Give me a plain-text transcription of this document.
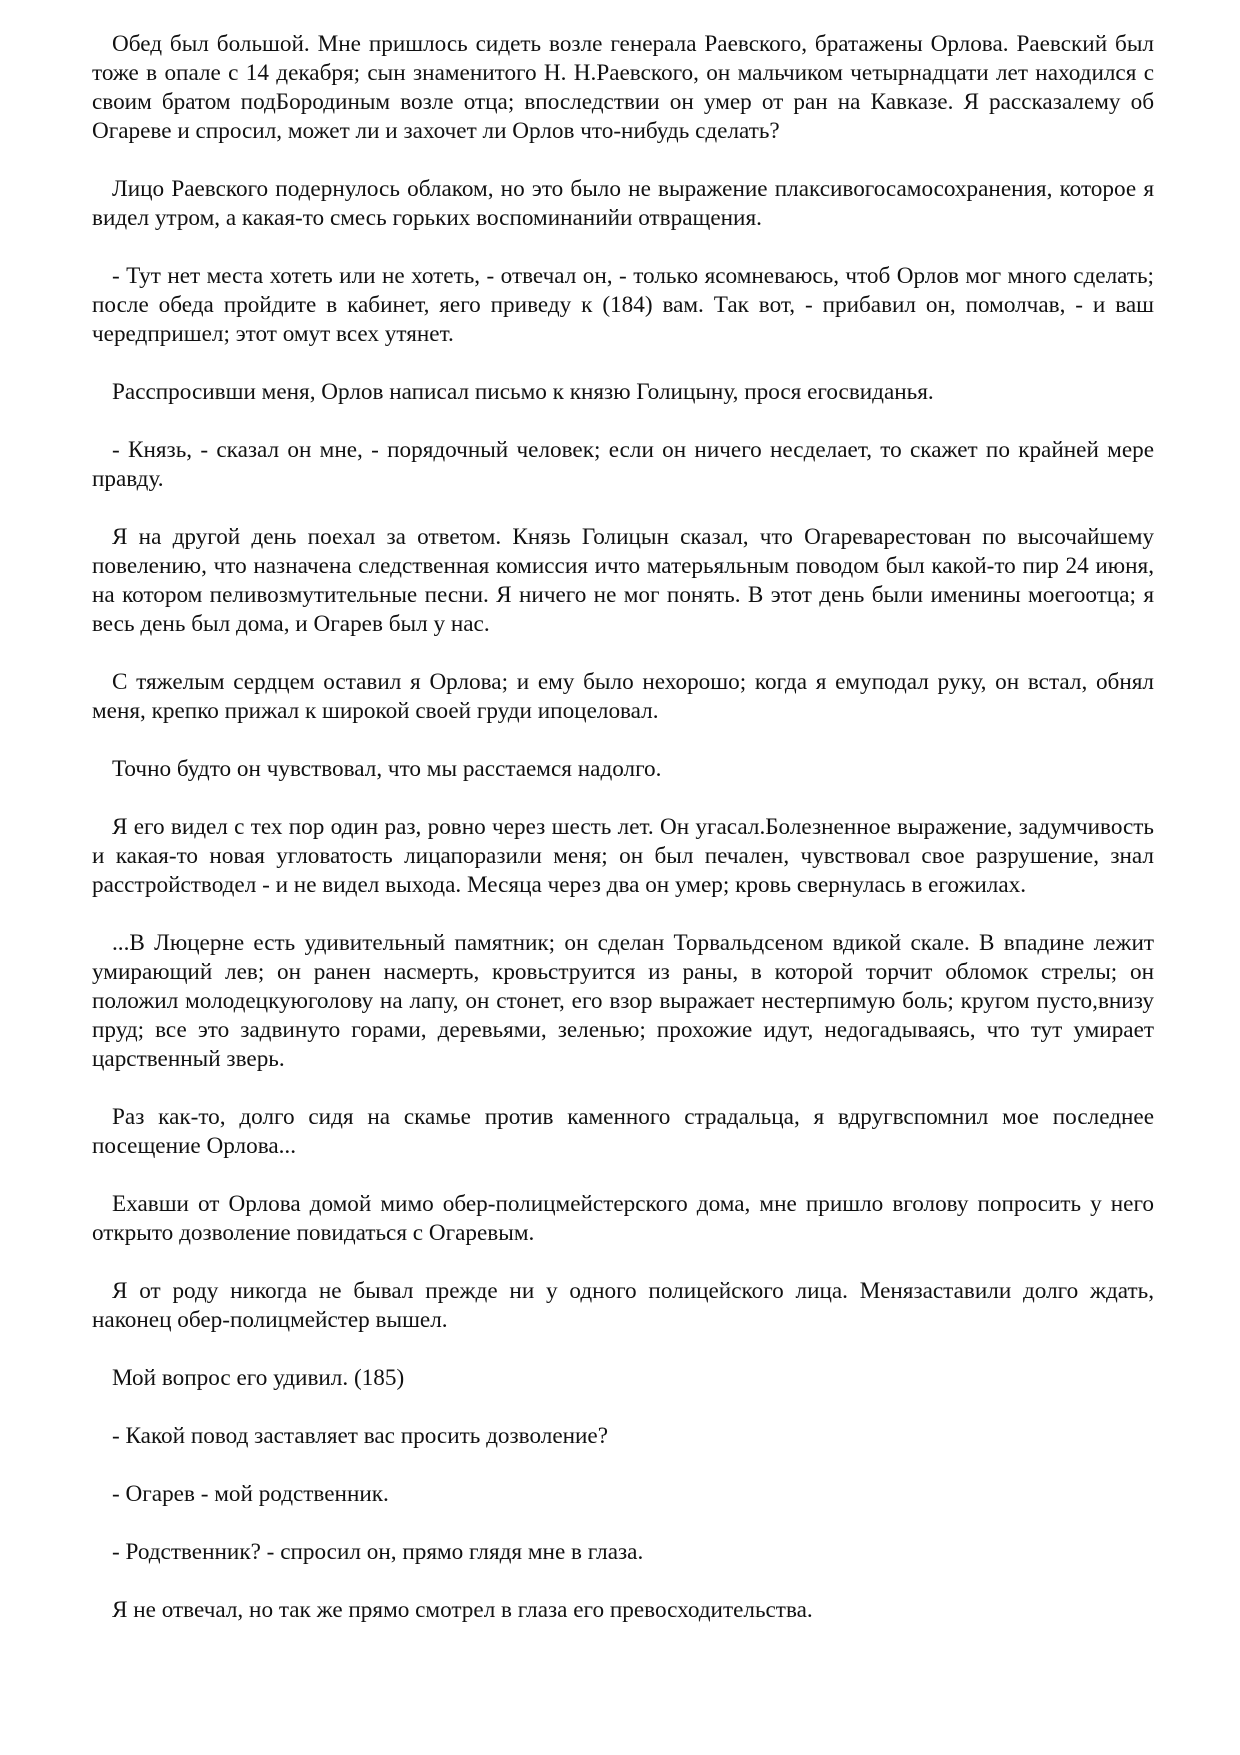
Обед был большой. Мне пришлось сидеть возле генерала Раевского, братажены Орлова. Раевский был тоже в опале с 14 декабря; сын знаменитого Н. Н.Раевского, он мальчиком четырнадцати лет находился с своим братом подБородиным возле отца; впоследствии он умер от ран на Кавказе. Я рассказалему об Огареве и спросил, может ли и захочет ли Орлов что-нибудь сделать?

Лицо Раевского подернулось облаком, но это было не выражение плаксивогосамосохранения, которое я видел утром, а какая-то смесь горьких воспоминанийи отвращения.

- Тут нет места хотеть или не хотеть, - отвечал он, - только ясомневаюсь, чтоб Орлов мог много сделать; после обеда пройдите в кабинет, яего приведу к (184) вам. Так вот, - прибавил он, помолчав, - и ваш чередпришел; этот омут всех утянет.

Расспросивши меня, Орлов написал письмо к князю Голицыну, прося егосвиданья.

- Князь, - сказал он мне, - порядочный человек; если он ничего несделает, то скажет по крайней мере правду.

Я на другой день поехал за ответом. Князь Голицын сказал, что Огареварестован по высочайшему повелению, что назначена следственная комиссия ичто матерьяльным поводом был какой-то пир 24 июня, на котором пеливозмутительные песни. Я ничего не мог понять. В этот день были именины моегоотца; я весь день был дома, и Огарев был у нас.

С тяжелым сердцем оставил я Орлова; и ему было нехорошо; когда я емуподал руку, он встал, обнял меня, крепко прижал к широкой своей груди ипоцеловал.

Точно будто он чувствовал, что мы расстаемся надолго.

Я его видел с тех пор один раз, ровно через шесть лет. Он угасал.Болезненное выражение, задумчивость и какая-то новая угловатость лицапоразили меня; он был печален, чувствовал свое разрушение, знал расстройстводел - и не видел выхода. Месяца через два он умер; кровь свернулась в егожилах.

...В Люцерне есть удивительный памятник; он сделан Торвальдсеном вдикой скале. В впадине лежит умирающий лев; он ранен насмерть, кровьструится из раны, в которой торчит обломок стрелы; он положил молодецкуюголову на лапу, он стонет, его взор выражает нестерпимую боль; кругом пусто,внизу пруд; все это задвинуто горами, деревьями, зеленью; прохожие идут, недогадываясь, что тут умирает царственный зверь.

Раз как-то, долго сидя на скамье против каменного страдальца, я вдругвспомнил мое последнее посещение Орлова...

Ехавши от Орлова домой мимо обер-полицмейстерского дома, мне пришло вголову попросить у него открыто дозволение повидаться с Огаревым.

Я от роду никогда не бывал прежде ни у одного полицейского лица. Менязаставили долго ждать, наконец обер-полицмейстер вышел.

Мой вопрос его удивил. (185)

- Какой повод заставляет вас просить дозволение?

- Огарев - мой родственник.

- Родственник? - спросил он, прямо глядя мне в глаза.

Я не отвечал, но так же прямо смотрел в глаза его превосходительства.
